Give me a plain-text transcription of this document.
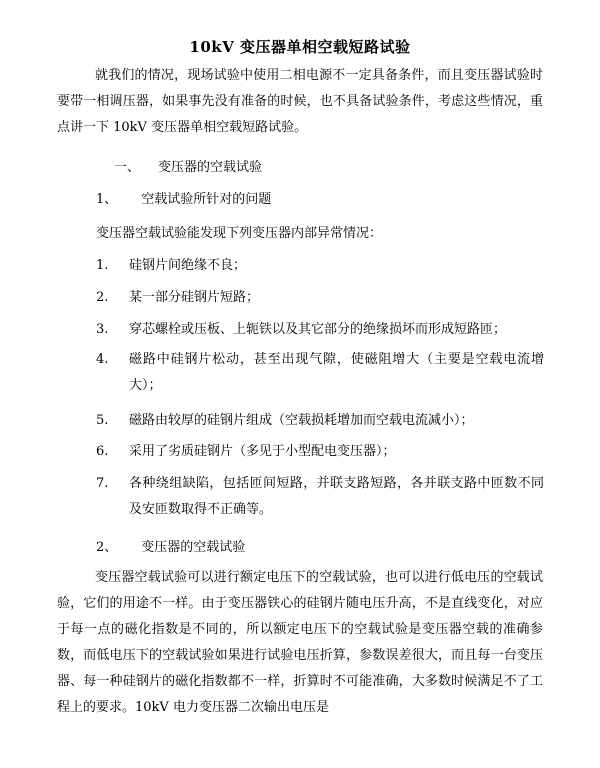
10kV 变压器单相空载短路试验
就我们的情况，现场试验中使用二相电源不一定具备条件，而且变压器试验时要带一相调压器，如果事先没有准备的时候，也不具备试验条件，考虑这些情况，重点讲一下 10kV 变压器单相空载短路试验。
一、 变压器的空载试验
1、 空载试验所针对的问题
变压器空载试验能发现下列变压器内部异常情况：
1. 硅钢片间绝缘不良；
2. 某一部分硅钢片短路；
3. 穿芯螺栓或压板、上轭铁以及其它部分的绝缘损坏而形成短路匝；
4. 磁路中硅钢片松动，甚至出现气隙，使磁阻增大（主要是空载电流增大）；
5. 磁路由较厚的硅钢片组成（空载损耗增加而空载电流减小）；
6. 采用了劣质硅钢片（多见于小型配电变压器）；
7. 各种绕组缺陷，包括匝间短路，并联支路短路，各并联支路中匝数不同及安匝数取得不正确等。
2、 变压器的空载试验
变压器空载试验可以进行额定电压下的空载试验，也可以进行低电压的空载试验，它们的用途不一样。由于变压器铁心的硅钢片随电压升高，不是直线变化，对应于每一点的磁化指数是不同的，所以额定电压下的空载试验是变压器空载的准确参数，而低电压下的空载试验如果进行试验电压折算，参数误差很大，而且每一台变压器、每一种硅钢片的磁化指数都不一样，折算时不可能准确，大多数时候满足不了工程上的要求。10kV 电力变压器二次输出电压是
